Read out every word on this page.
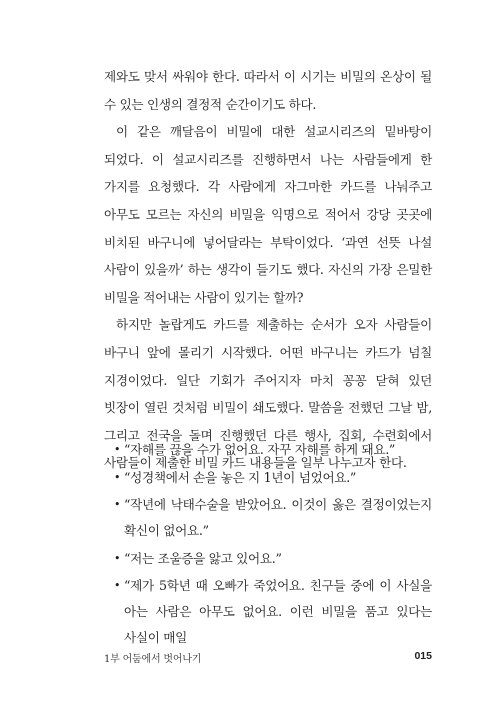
제와도 맞서 싸워야 한다. 따라서 이 시기는 비밀의 온상이 될 수 있는 인생의 결정적 순간이기도 하다.

이 같은 깨달음이 비밀에 대한 설교시리즈의 밑바탕이 되었다. 이 설교시리즈를 진행하면서 나는 사람들에게 한 가지를 요청했다. 각 사람에게 자그마한 카드를 나눠주고 아무도 모르는 자신의 비밀을 익명으로 적어서 강당 곳곳에 비치된 바구니에 넣어달라는 부탁이었다. ‘과연 선뜻 나설 사람이 있을까’ 하는 생각이 들기도 했다. 자신의 가장 은밀한 비밀을 적어내는 사람이 있기는 할까?

하지만 놀랍게도 카드를 제출하는 순서가 오자 사람들이 바구니 앞에 몰리기 시작했다. 어떤 바구니는 카드가 넘칠 지경이었다. 일단 기회가 주어지자 마치 꽁꽁 닫혀 있던 빗장이 열린 것처럼 비밀이 쇄도했다. 말씀을 전했던 그날 밤, 그리고 전국을 돌며 진행했던 다른 행사, 집회, 수련회에서 사람들이 제출한 비밀 카드 내용들을 일부 나누고자 한다.

• “자해를 끊을 수가 없어요. 자꾸 자해를 하게 돼요.”
• “성경책에서 손을 놓은 지 1년이 넘었어요.”
• “작년에 낙태수술을 받았어요. 이것이 옳은 결정이었는지 확신이 없어요.”
• “저는 조울증을 앓고 있어요.”
• “제가 5학년 때 오빠가 죽었어요. 친구들 중에 이 사실을 아는 사람은 아무도 없어요. 이런 비밀을 품고 있다는 사실이 매일
1부 어둠에서 벗어나기	015
